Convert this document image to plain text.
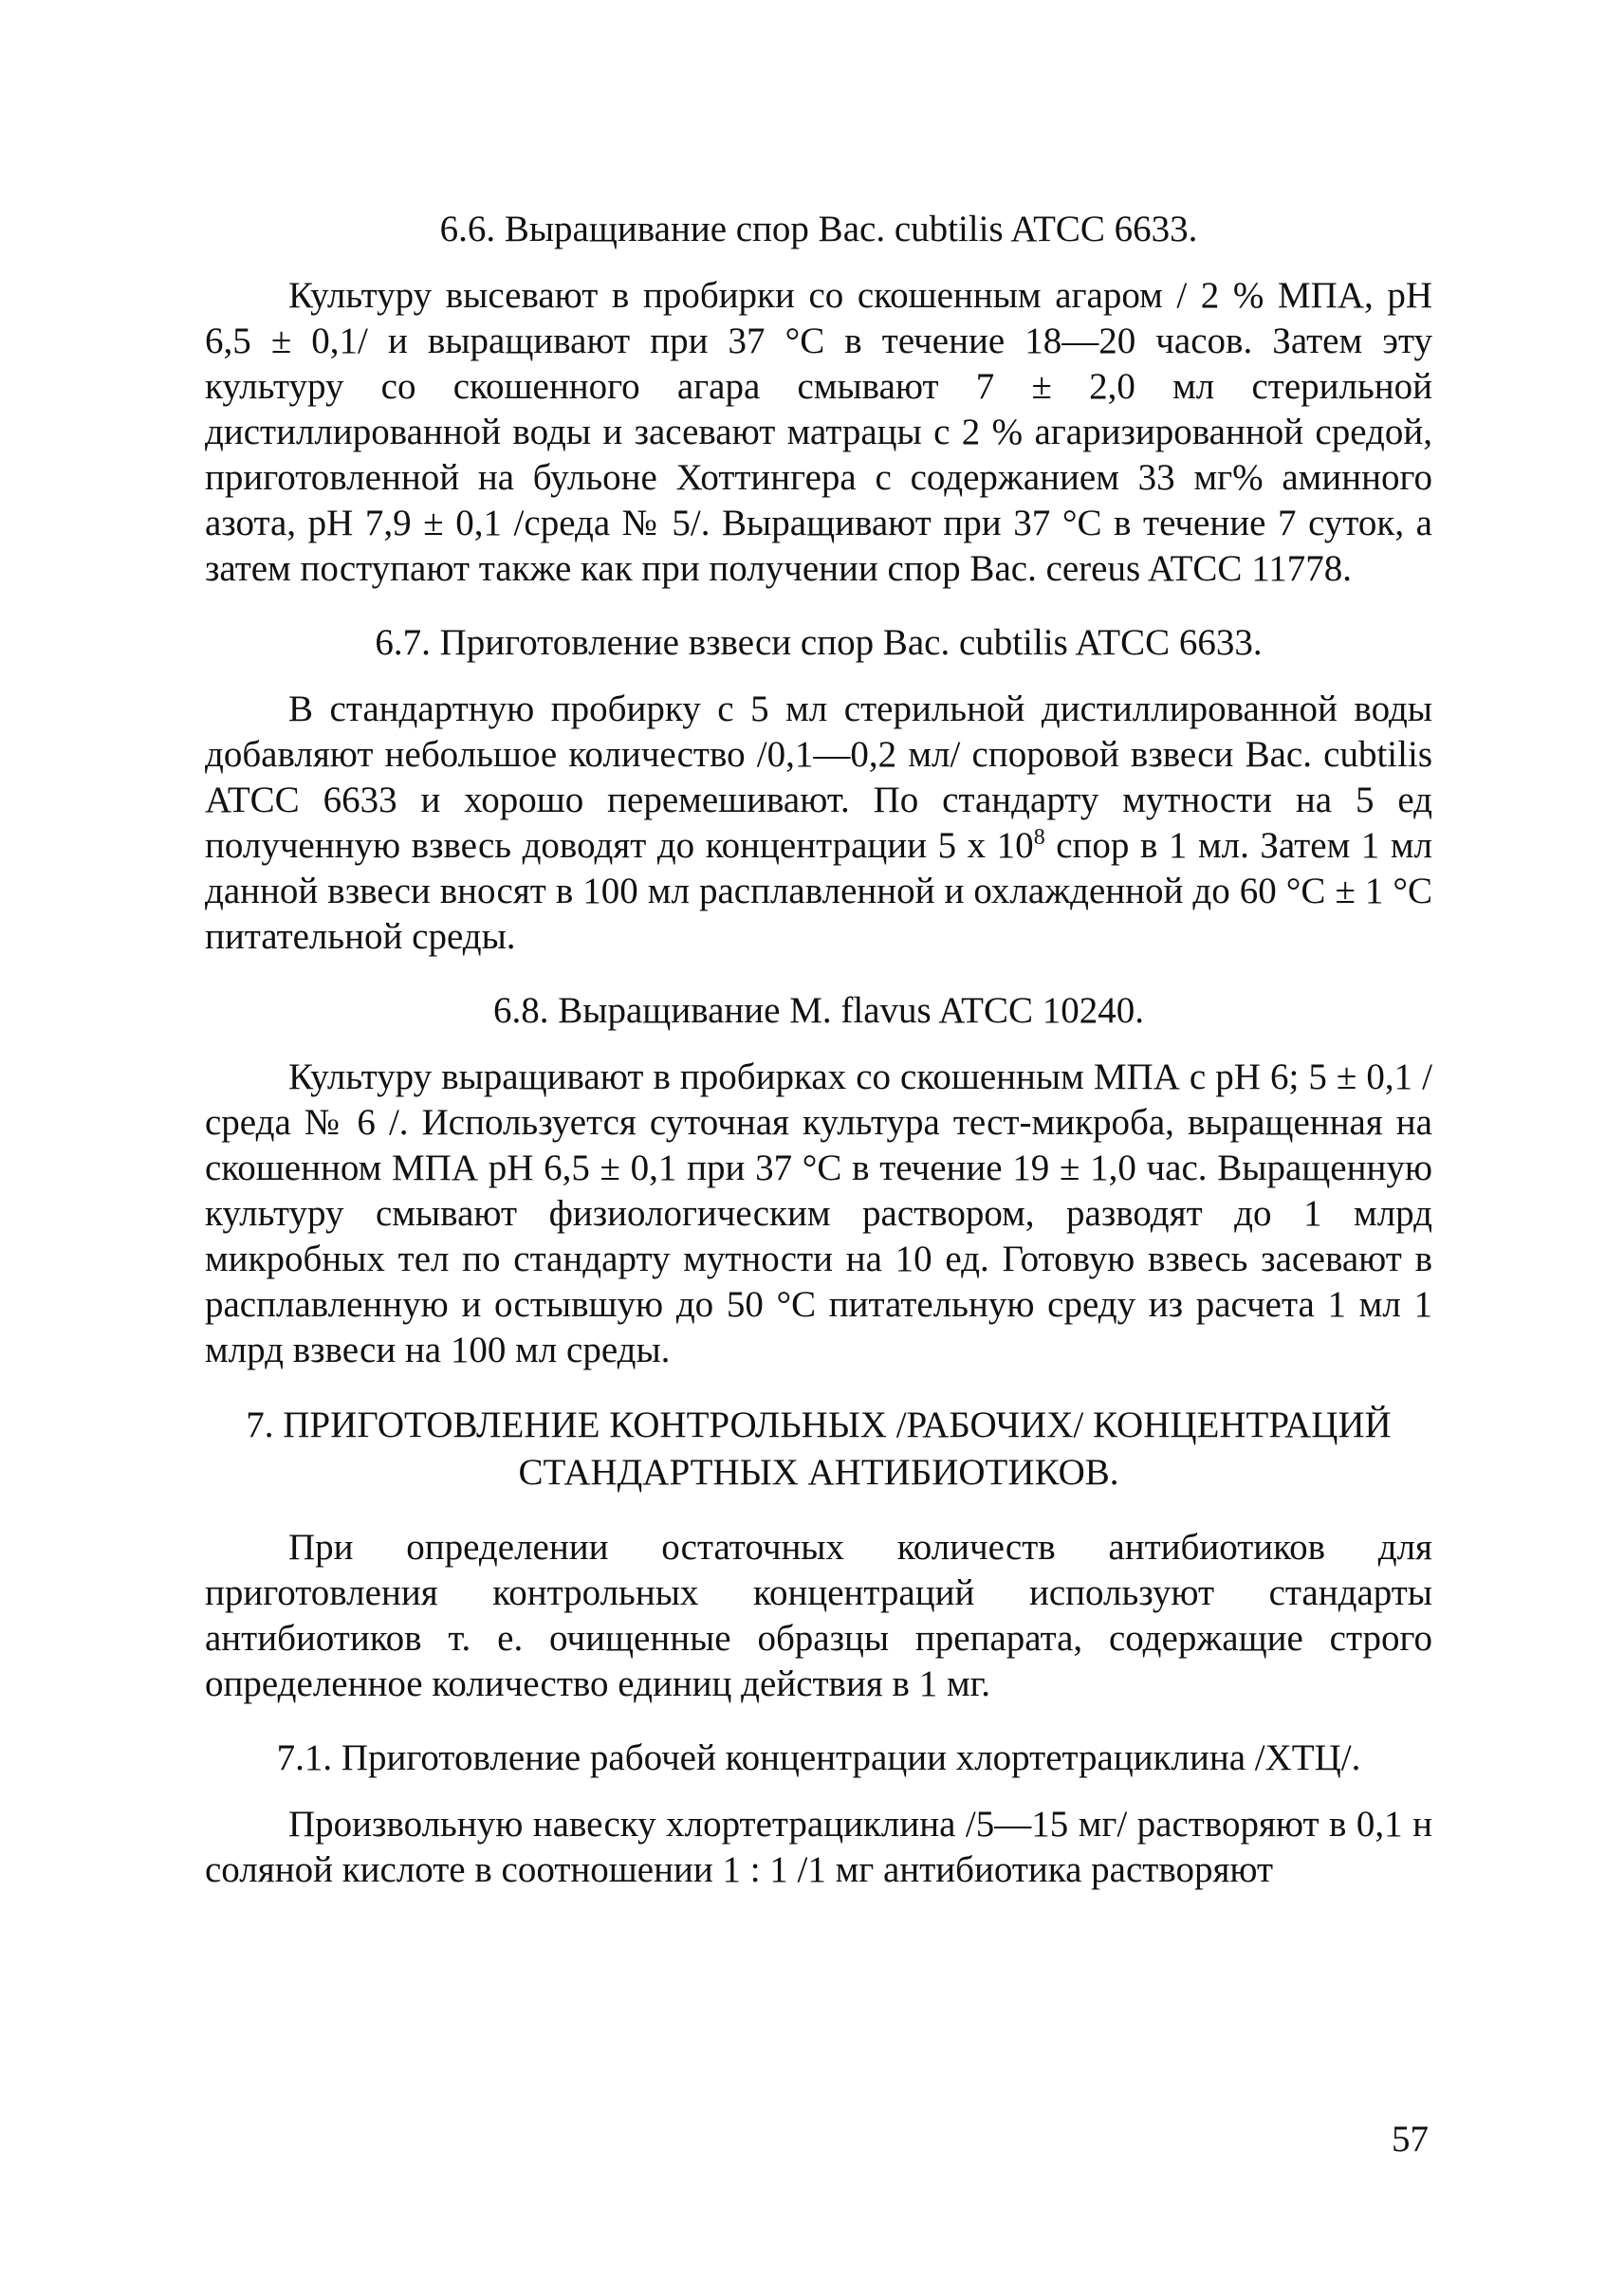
6.6. Выращивание спор Bac. cubtilis ATCC 6633.

Культуру высевают в пробирки со скошенным агаром / 2 % МПА, pH 6,5 ± 0,1/ и выращивают при 37 °С в течение 18—20 часов. Затем эту культуру со скошенного агара смывают 7 ± 2,0 мл стерильной дистиллированной воды и засевают матрацы с 2 % агаризированной средой, приготовленной на бульоне Хоттингера с содержанием 33 мг% аминного азота, pH 7,9 ± 0,1 /среда № 5/. Выращивают при 37 °С в течение 7 суток, а затем поступают также как при получении спор Bac. cereus ATCC 11778.

6.7. Приготовление взвеси спор Bac. cubtilis ATCC 6633.

В стандартную пробирку с 5 мл стерильной дистиллированной воды добавляют небольшое количество /0,1—0,2 мл/ споровой взвеси Bac. cubtilis ATCC 6633 и хорошо перемешивают. По стандарту мутности на 5 ед полученную взвесь доводят до концентрации 5 х $10^8$ спор в 1 мл. Затем 1 мл данной взвеси вносят в 100 мл расплавленной и охлажденной до 60 °С ± 1 °С питательной среды.

6.8. Выращивание M. flavus ATCC 10240.

Культуру выращивают в пробирках со скошенным МПА с pH 6; 5 ± 0,1 / среда № 6 /. Используется суточная культура тест-микроба, выращенная на скошенном МПА pH 6,5 ± 0,1 при 37 °С в течение 19 ± 1,0 час. Выращенную культуру смывают физиологическим раствором, разводят до 1 млрд микробных тел по стандарту мутности на 10 ед. Готовую взвесь засевают в расплавленную и остывшую до 50 °С питательную среду из расчета 1 мл 1 млрд взвеси на 100 мл среды.

7. ПРИГОТОВЛЕНИЕ КОНТРОЛЬНЫХ /РАБОЧИХ/ КОНЦЕНТРАЦИЙ

СТАНДАРТНЫХ АНТИБИОТИКОВ.

При определении остаточных количеств антибиотиков для приготовления контрольных концентраций используют стандарты антибиотиков т. е. очищенные образцы препарата, содержащие строго определенное количество единиц действия в 1 мг.

7.1. Приготовление рабочей концентрации хлортетрациклина /ХТЦ/.

Произвольную навеску хлортетрациклина /5—15 мг/ растворяют в 0,1 н соляной кислоте в соотношении 1 : 1 /1 мг антибиотика растворяют

57
